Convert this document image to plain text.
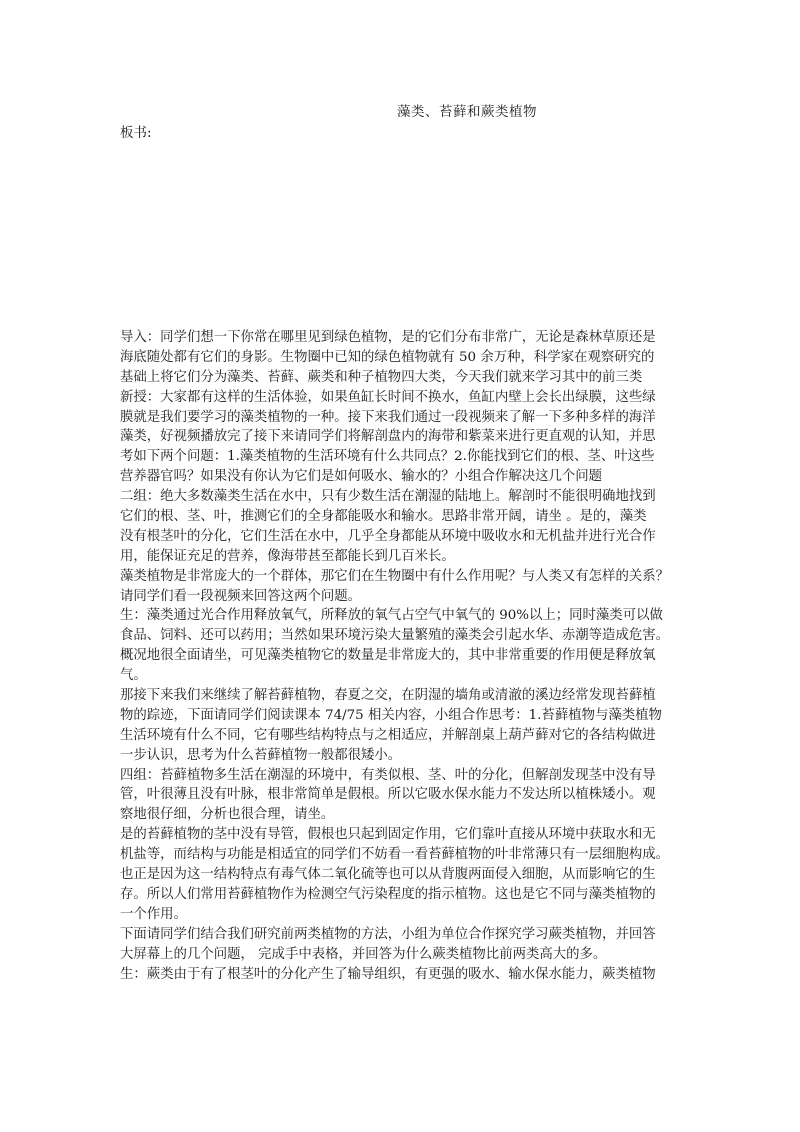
藻类、苔藓和蕨类植物
板书:
导入：同学们想一下你常在哪里见到绿色植物，是的它们分布非常广，无论是森林草原还是
海底随处都有它们的身影。生物圈中已知的绿色植物就有 50 余万种，科学家在观察研究的
基础上将它们分为藻类、苔藓、蕨类和种子植物四大类，今天我们就来学习其中的前三类
新授：大家都有这样的生活体验，如果鱼缸长时间不换水，鱼缸内壁上会长出绿膜，这些绿
膜就是我们要学习的藻类植物的一种。接下来我们通过一段视频来了解一下多种多样的海洋
藻类，好视频播放完了接下来请同学们将解剖盘内的海带和紫菜来进行更直观的认知，并思
考如下两个问题：1.藻类植物的生活环境有什么共同点？2.你能找到它们的根、茎、叶这些
营养器官吗？如果没有你认为它们是如何吸水、输水的？小组合作解决这几个问题
二组：绝大多数藻类生活在水中，只有少数生活在潮湿的陆地上。解剖时不能很明确地找到
它们的根、茎、叶，推测它们的全身都能吸水和输水。思路非常开阔，请坐 。是的，藻类
没有根茎叶的分化，它们生活在水中，几乎全身都能从环境中吸收水和无机盐并进行光合作
用，能保证充足的营养，像海带甚至都能长到几百米长。
藻类植物是非常庞大的一个群体，那它们在生物圈中有什么作用呢？与人类又有怎样的关系？
请同学们看一段视频来回答这两个问题。
生：藻类通过光合作用释放氧气，所释放的氧气占空气中氧气的 90%以上；同时藻类可以做
食品、饲料、还可以药用；当然如果环境污染大量繁殖的藻类会引起水华、赤潮等造成危害。
概况地很全面请坐，可见藻类植物它的数量是非常庞大的，其中非常重要的作用便是释放氧
气。
那接下来我们来继续了解苔藓植物，春夏之交，在阴湿的墙角或清澈的溪边经常发现苔藓植
物的踪迹，下面请同学们阅读课本 74/75 相关内容，小组合作思考：1.苔藓植物与藻类植物
生活环境有什么不同，它有哪些结构特点与之相适应，并解剖桌上葫芦藓对它的各结构做进
一步认识，思考为什么苔藓植物一般都很矮小。
四组：苔藓植物多生活在潮湿的环境中，有类似根、茎、叶的分化，但解剖发现茎中没有导
管，叶很薄且没有叶脉，根非常简单是假根。所以它吸水保水能力不发达所以植株矮小。观
察地很仔细，分析也很合理，请坐。
是的苔藓植物的茎中没有导管，假根也只起到固定作用，它们靠叶直接从环境中获取水和无
机盐等，而结构与功能是相适宜的同学们不妨看一看苔藓植物的叶非常薄只有一层细胞构成。
也正是因为这一结构特点有毒气体二氧化硫等也可以从背腹两面侵入细胞，从而影响它的生
存。所以人们常用苔藓植物作为检测空气污染程度的指示植物。这也是它不同与藻类植物的
一个作用。
下面请同学们结合我们研究前两类植物的方法，小组为单位合作探究学习蕨类植物，并回答
大屏幕上的几个问题， 完成手中表格，并回答为什么蕨类植物比前两类高大的多。
生：蕨类由于有了根茎叶的分化产生了输导组织，有更强的吸水、输水保水能力，蕨类植物
